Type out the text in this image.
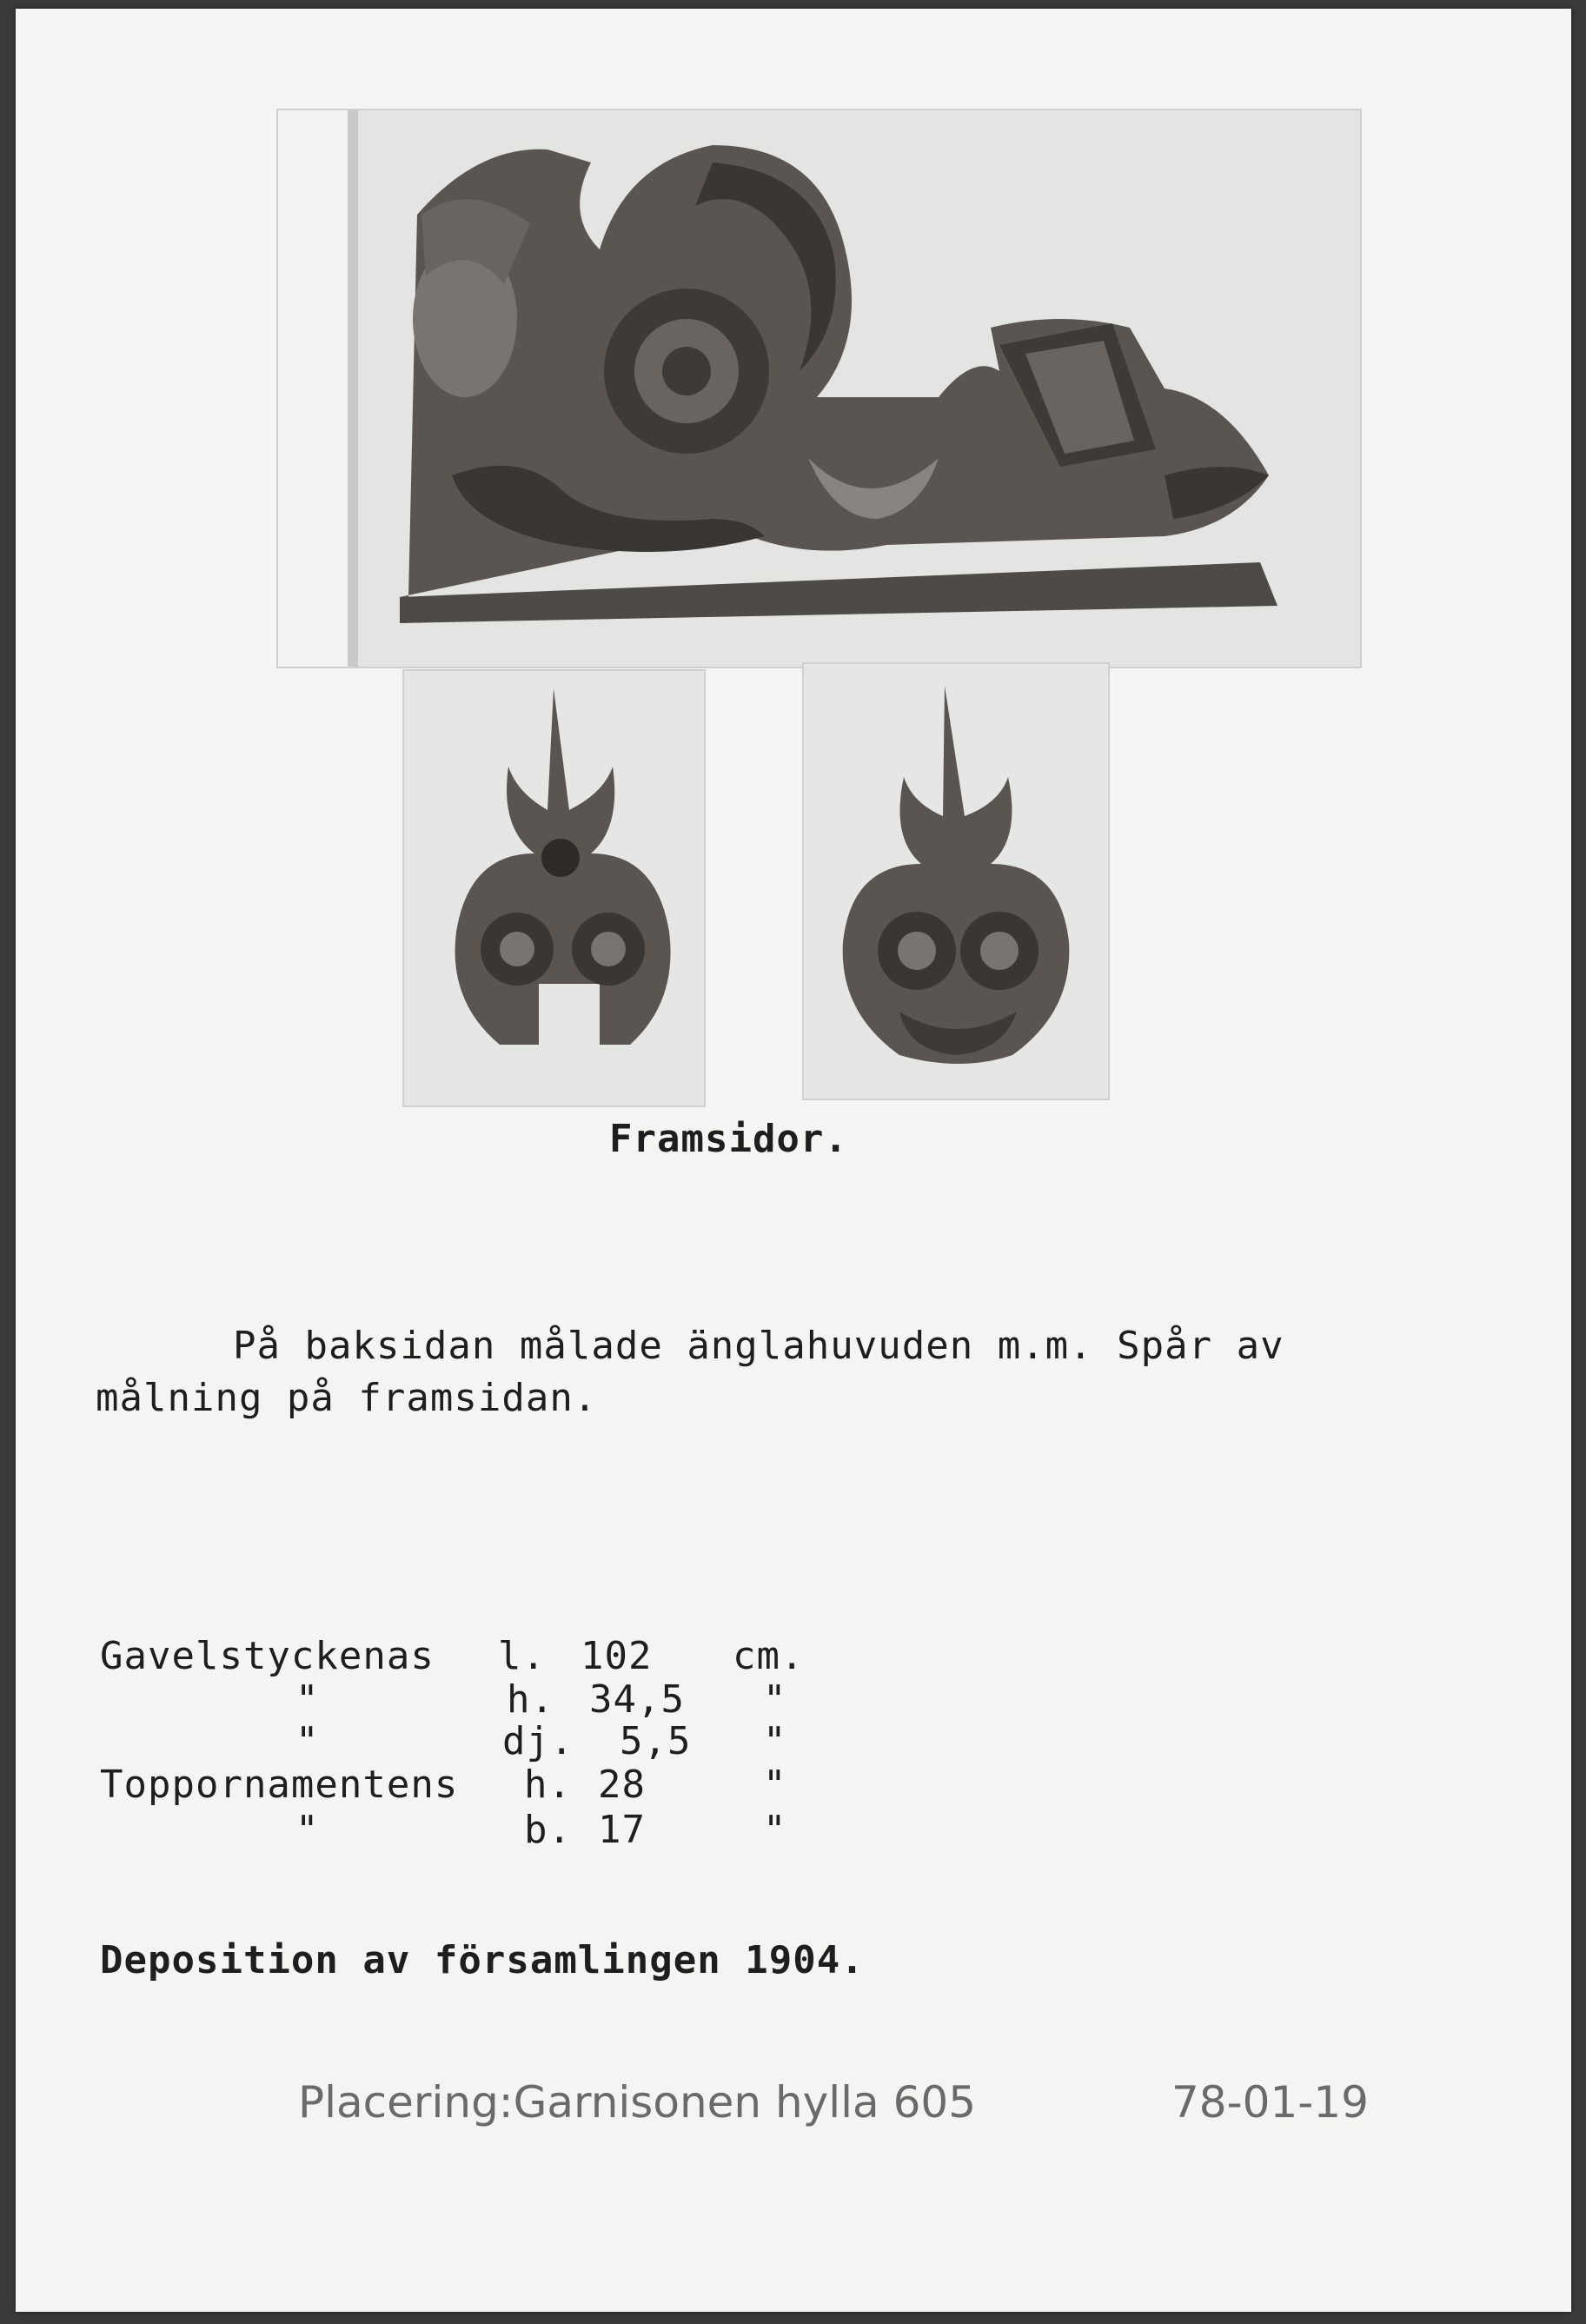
Framsidor.
På baksidan målade änglahuvuden m.m. Spår av
målning på framsidan.
Gavelstyckenas l. 102 cm.
"	h. 34,5 "
"	dj. 5,5 "
Toppornamentens h. 28	"
"	b. 17	"
Deposition av församlingen 1904.
Placering:Garnisonen hylla 605	78-01-19
